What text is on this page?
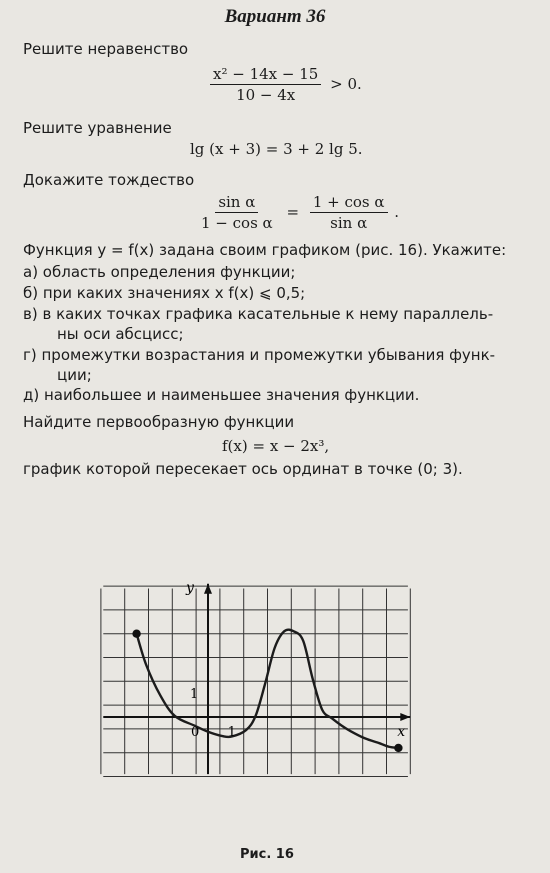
Вариант 36
Решите неравенство
$\frac{\text{x² − 14x − 15}}{10 - 4x} > 0$.
Решите уравнение
lg (x + 3) = 3 + 2 lg 5.
Докажите тождество
$\frac{\text{sin α}}{\text{1 − cos α}} = \frac{\text{1 + cos α}}{\text{sin α}}$ .
Функция y = f(x) задана своим графиком (рис. 16). Укажите:
а) область определения функции;
б) при каких значениях x f(x) ⩽ 0,5;
в) в каких точках графика касательные к нему параллель-
ны оси абсцисс;
г) промежутки возрастания и промежутки убывания функ-
ции;
д) наибольшее и наименьшее значения функции.
Найдите первообразную функции
f(x) = x − 2x³,
график которой пересекает ось ординат в точке (0; 3).
y
x
0 1
1
Рис. 16
